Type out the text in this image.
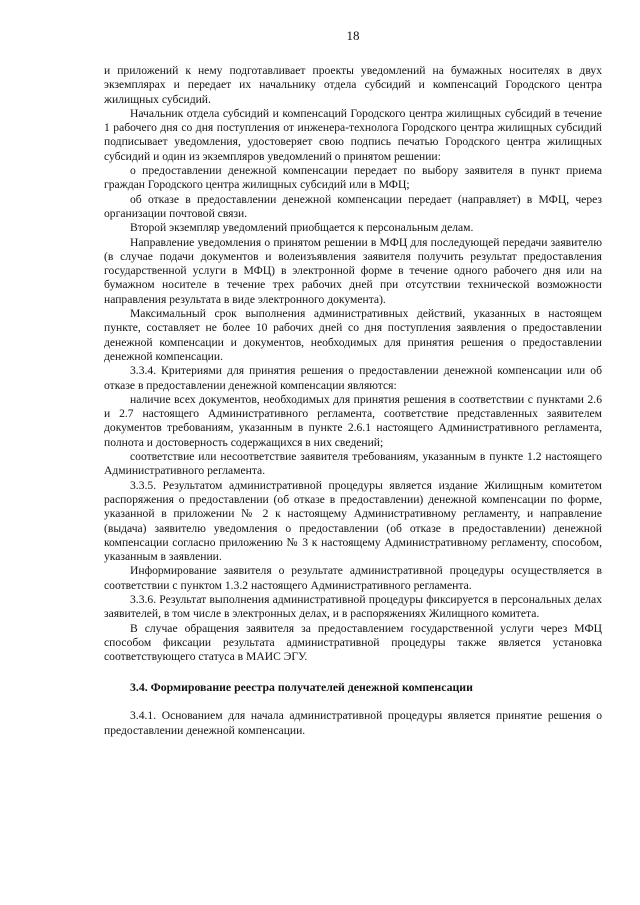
18

и приложений к нему подготавливает проекты уведомлений на бумажных носителях в двух экземплярах и передает их начальнику отдела субсидий и компенсаций Городского центра жилищных субсидий.

Начальник отдела субсидий и компенсаций Городского центра жилищных субсидий в течение 1 рабочего дня со дня поступления от инженера-технолога Городского центра жилищных субсидий подписывает уведомления, удостоверяет свою подпись печатью Городского центра жилищных субсидий и один из экземпляров уведомлений о принятом решении:

о предоставлении денежной компенсации передает по выбору заявителя в пункт приема граждан Городского центра жилищных субсидий или в МФЦ;

об отказе в предоставлении денежной компенсации передает (направляет) в МФЦ, через организации почтовой связи.

Второй экземпляр уведомлений приобщается к персональным делам.

Направление уведомления о принятом решении в МФЦ для последующей передачи заявителю (в случае подачи документов и волеизъявления заявителя получить результат предоставления государственной услуги в МФЦ) в электронной форме в течение одного рабочего дня или на бумажном носителе в течение трех рабочих дней при отсутствии технической возможности направления результата в виде электронного документа).

Максимальный срок выполнения административных действий, указанных в настоящем пункте, составляет не более 10 рабочих дней со дня поступления заявления о предоставлении денежной компенсации и документов, необходимых для принятия решения о предоставлении денежной компенсации.

3.3.4. Критериями для принятия решения о предоставлении денежной компенсации или об отказе в предоставлении денежной компенсации являются:

наличие всех документов, необходимых для принятия решения в соответствии с пунктами 2.6 и 2.7 настоящего Административного регламента, соответствие представленных заявителем документов требованиям, указанным в пункте 2.6.1 настоящего Административного регламента, полнота и достоверность содержащихся в них сведений;

соответствие или несоответствие заявителя требованиям, указанным в пункте 1.2 настоящего Административного регламента.

3.3.5. Результатом административной процедуры является издание Жилищным комитетом распоряжения о предоставлении (об отказе в предоставлении) денежной компенсации по форме, указанной в приложении № 2 к настоящему Административному регламенту, и направление (выдача) заявителю уведомления о предоставлении (об отказе в предоставлении) денежной компенсации согласно приложению № 3 к настоящему Административному регламенту, способом, указанным в заявлении.

Информирование заявителя о результате административной процедуры осуществляется в соответствии с пунктом 1.3.2 настоящего Административного регламента.

3.3.6. Результат выполнения административной процедуры фиксируется в персональных делах заявителей, в том числе в электронных делах, и в распоряжениях Жилищного комитета.

В случае обращения заявителя за предоставлением государственной услуги через МФЦ способом фиксации результата административной процедуры также является установка соответствующего статуса в МАИС ЭГУ.

3.4. Формирование реестра получателей денежной компенсации

3.4.1. Основанием для начала административной процедуры является принятие решения о предоставлении денежной компенсации.
